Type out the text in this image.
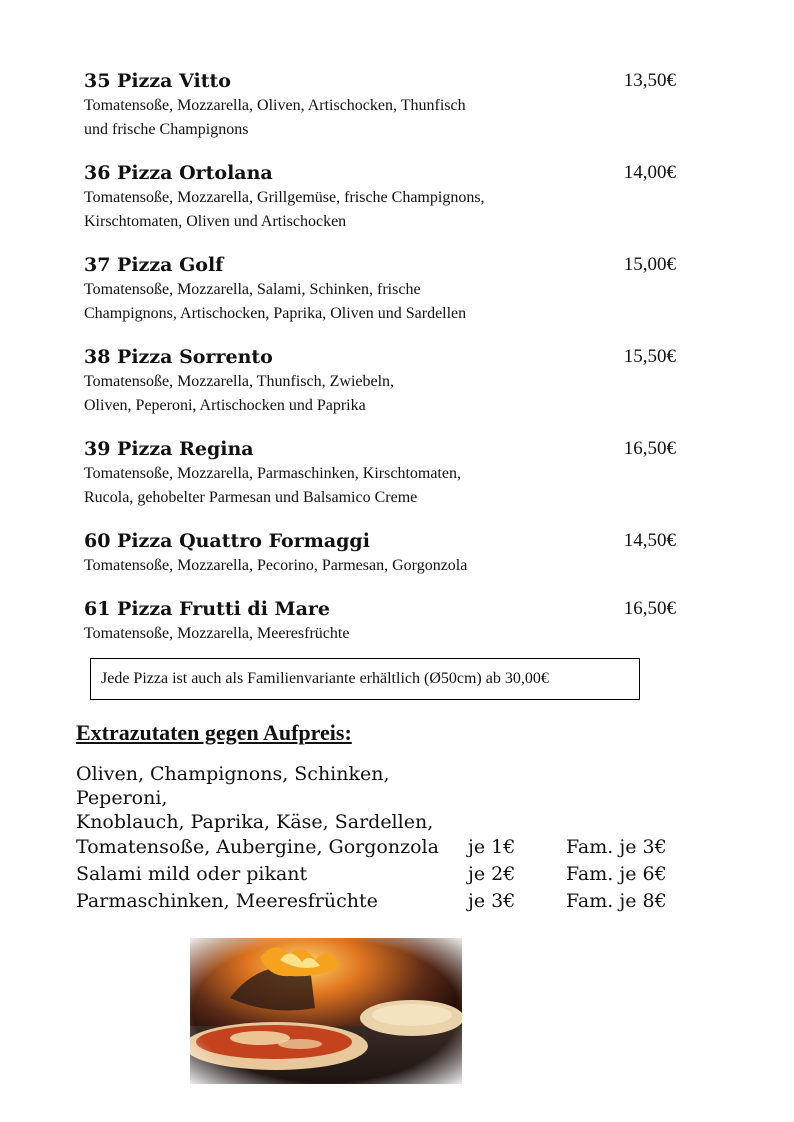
35 Pizza Vitto	13,50€
Tomatensoße, Mozzarella, Oliven, Artischocken, Thunfisch
und frische Champignons
36 Pizza Ortolana	14,00€
Tomatensoße, Mozzarella, Grillgemüse, frische Champignons,
Kirschtomaten, Oliven und Artischocken
37 Pizza Golf	15,00€
Tomatensoße, Mozzarella, Salami, Schinken, frische
Champignons, Artischocken, Paprika, Oliven und Sardellen
38 Pizza Sorrento	15,50€
Tomatensoße, Mozzarella, Thunfisch, Zwiebeln,
Oliven, Peperoni, Artischocken und Paprika
39 Pizza Regina	16,50€
Tomatensoße, Mozzarella, Parmaschinken, Kirschtomaten,
Rucola, gehobelter Parmesan und Balsamico Creme
60 Pizza Quattro Formaggi	14,50€
Tomatensoße, Mozzarella, Pecorino, Parmesan, Gorgonzola
61 Pizza Frutti di Mare	16,50€
Tomatensoße, Mozzarella, Meeresfrüchte
Jede Pizza ist auch als Familienvariante erhältlich (Ø50cm) ab 30,00€
Extrazutaten gegen Aufpreis:
Oliven, Champignons, Schinken,
Peperoni,
Knoblauch, Paprika, Käse, Sardellen,
Tomatensoße, Aubergine, Gorgonzola je 1€	Fam. je 3€
Salami mild oder pikant	je 2€	Fam. je 6€
Parmaschinken, Meeresfrüchte	je 3€	Fam. je 8€
